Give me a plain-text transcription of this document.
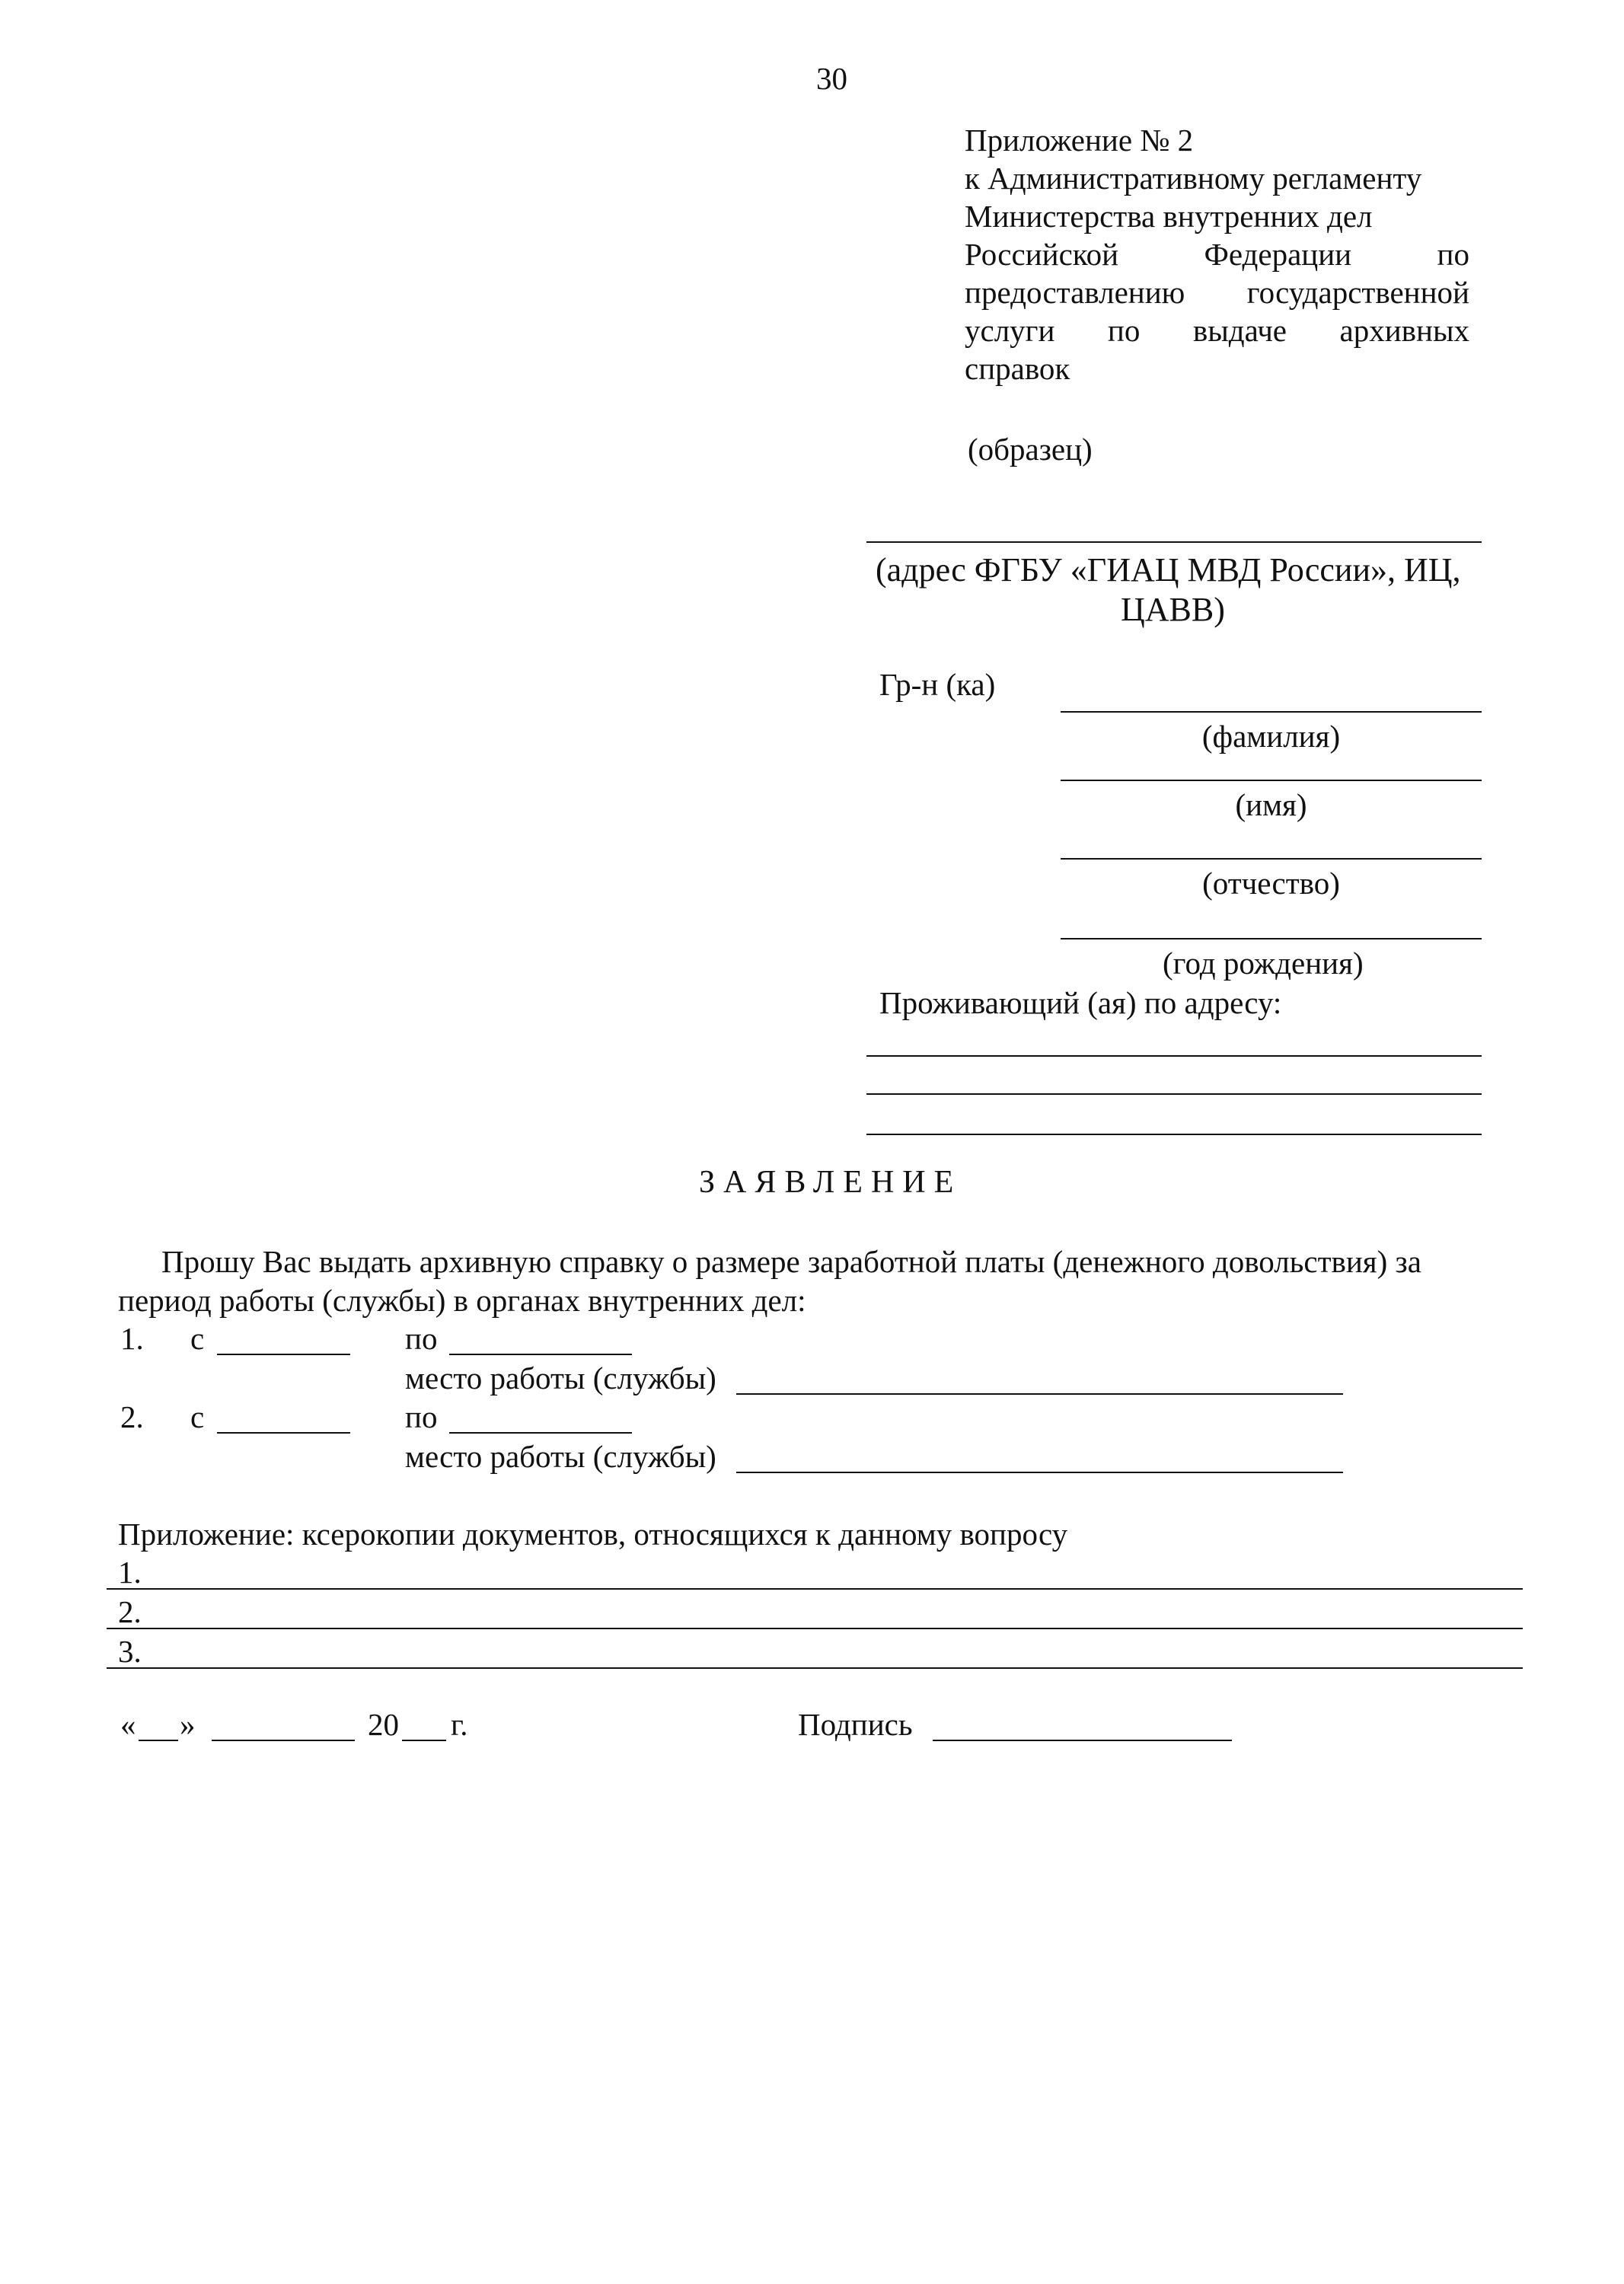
30
Приложение № 2
к Административному регламенту
Министерства внутренних дел
Российской Федерации по
предоставлению государственной
услуги по выдаче архивных
справок
(образец)
(адрес ФГБУ «ГИАЦ МВД России», ИЦ,
ЦАВВ)
Гр-н (ка)
(фамилия)
(имя)
(отчество)
(год рождения)
Проживающий (ая) по адресу:
ЗАЯВЛЕНИЕ
Прошу Вас выдать архивную справку о размере заработной платы (денежного довольствия) за
период работы (службы) в органах внутренних дел:
1. с	по
место работы (службы)
2. с	по
место работы (службы)
Приложение: ксерокопии документов, относящихся к данному вопросу
1.
2.
3.
« »	20 г.	Подпись
